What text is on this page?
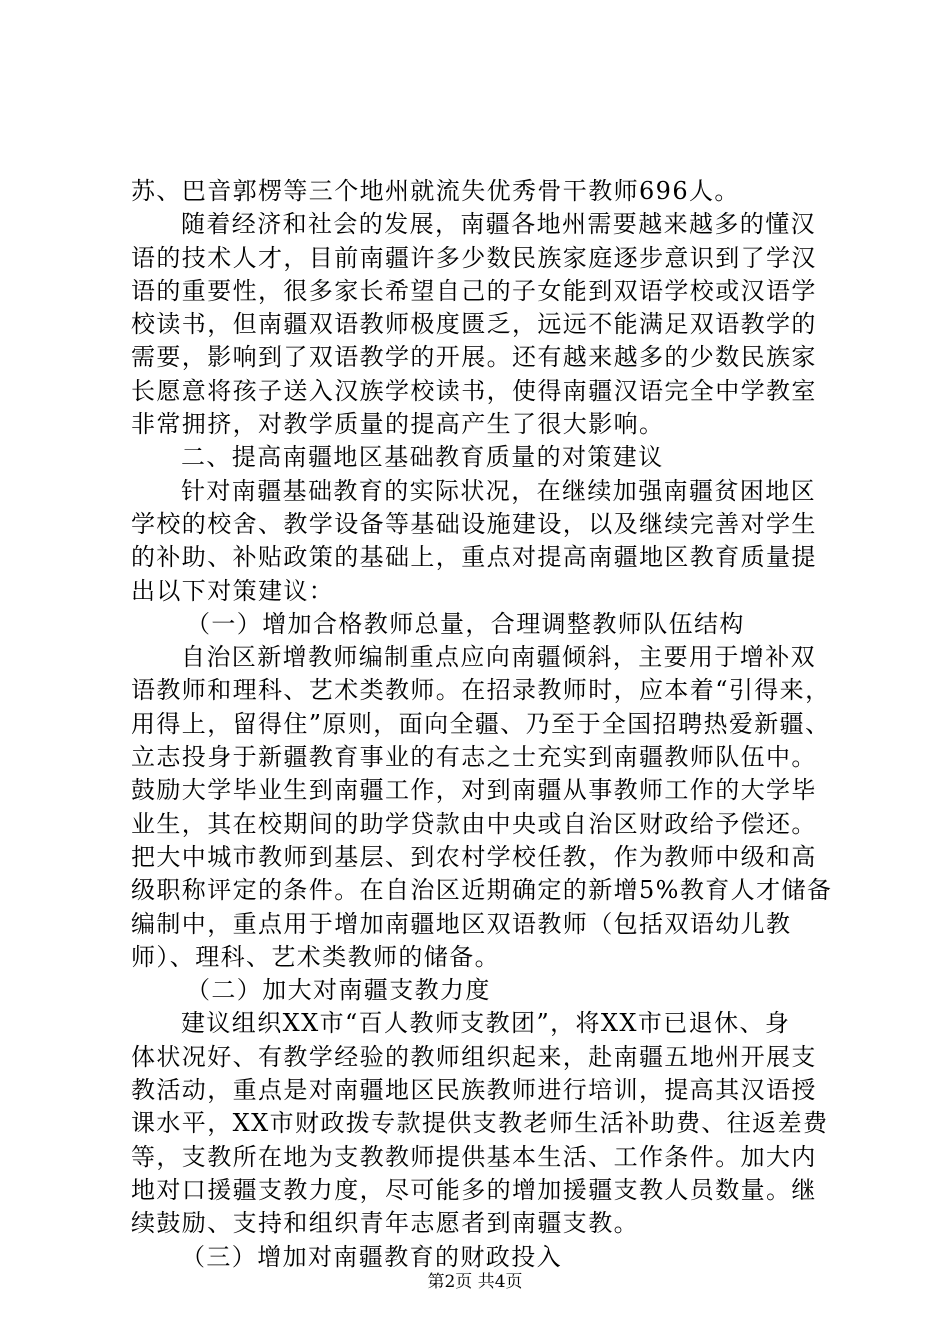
苏、巴音郭楞等三个地州就流失优秀骨干教师696人。
随着经济和社会的发展，南疆各地州需要越来越多的懂汉
语的技术人才，目前南疆许多少数民族家庭逐步意识到了学汉
语的重要性，很多家长希望自己的子女能到双语学校或汉语学
校读书，但南疆双语教师极度匮乏，远远不能满足双语教学的
需要，影响到了双语教学的开展。还有越来越多的少数民族家
长愿意将孩子送入汉族学校读书，使得南疆汉语完全中学教室
非常拥挤，对教学质量的提高产生了很大影响。
二、提高南疆地区基础教育质量的对策建议
针对南疆基础教育的实际状况，在继续加强南疆贫困地区
学校的校舍、教学设备等基础设施建设，以及继续完善对学生
的补助、补贴政策的基础上，重点对提高南疆地区教育质量提
出以下对策建议：
（一）增加合格教师总量，合理调整教师队伍结构
自治区新增教师编制重点应向南疆倾斜，主要用于增补双
语教师和理科、艺术类教师。在招录教师时，应本着“引得来，
用得上，留得住”原则，面向全疆、乃至于全国招聘热爱新疆、
立志投身于新疆教育事业的有志之士充实到南疆教师队伍中。
鼓励大学毕业生到南疆工作，对到南疆从事教师工作的大学毕
业生，其在校期间的助学贷款由中央或自治区财政给予偿还。
把大中城市教师到基层、到农村学校任教，作为教师中级和高
级职称评定的条件。在自治区近期确定的新增5%教育人才储备
编制中，重点用于增加南疆地区双语教师（包括双语幼儿教
师）、理科、艺术类教师的储备。
（二）加大对南疆支教力度
建议组织XX市“百人教师支教团”，将XX市已退休、身
体状况好、有教学经验的教师组织起来，赴南疆五地州开展支
教活动，重点是对南疆地区民族教师进行培训，提高其汉语授
课水平，XX市财政拨专款提供支教老师生活补助费、往返差费
等，支教所在地为支教教师提供基本生活、工作条件。加大内
地对口援疆支教力度，尽可能多的增加援疆支教人员数量。继
续鼓励、支持和组织青年志愿者到南疆支教。
（三）增加对南疆教育的财政投入
第2页 共4页
